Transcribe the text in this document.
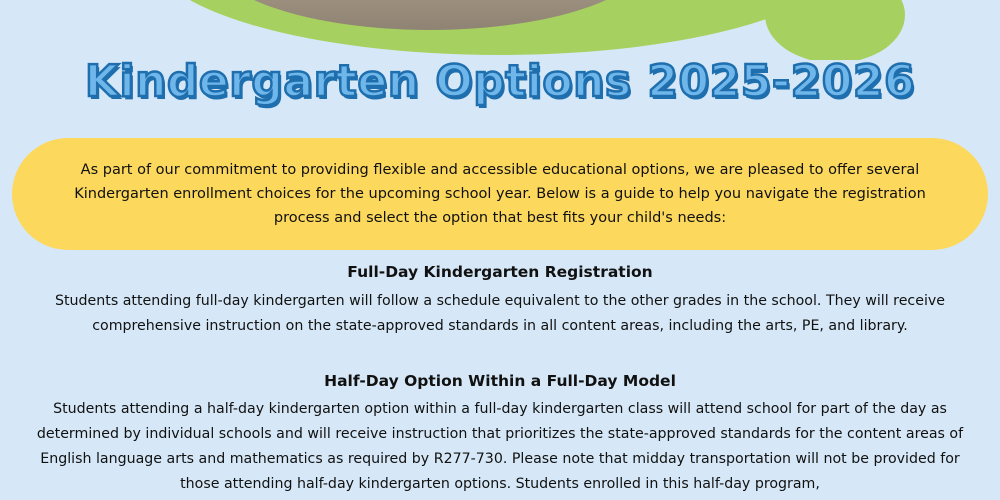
Kindergarten Options 2025-2026

As part of our commitment to providing flexible and accessible educational options, we are pleased to offer several Kindergarten enrollment choices for the upcoming school year. Below is a guide to help you navigate the registration process and select the option that best fits your child's needs:

Full-Day Kindergarten Registration
Students attending full-day kindergarten will follow a schedule equivalent to the other grades in the school. They will receive comprehensive instruction on the state-approved standards in all content areas, including the arts, PE, and library.
Half-Day Option Within a Full-Day Model
Students attending a half-day kindergarten option within a full-day kindergarten class will attend school for part of the day as determined by individual schools and will receive instruction that prioritizes the state-approved standards for the content areas of English language arts and mathematics as required by R277-730. Please note that midday transportation will not be provided for those attending half-day kindergarten options. Students enrolled in this half-day program,
